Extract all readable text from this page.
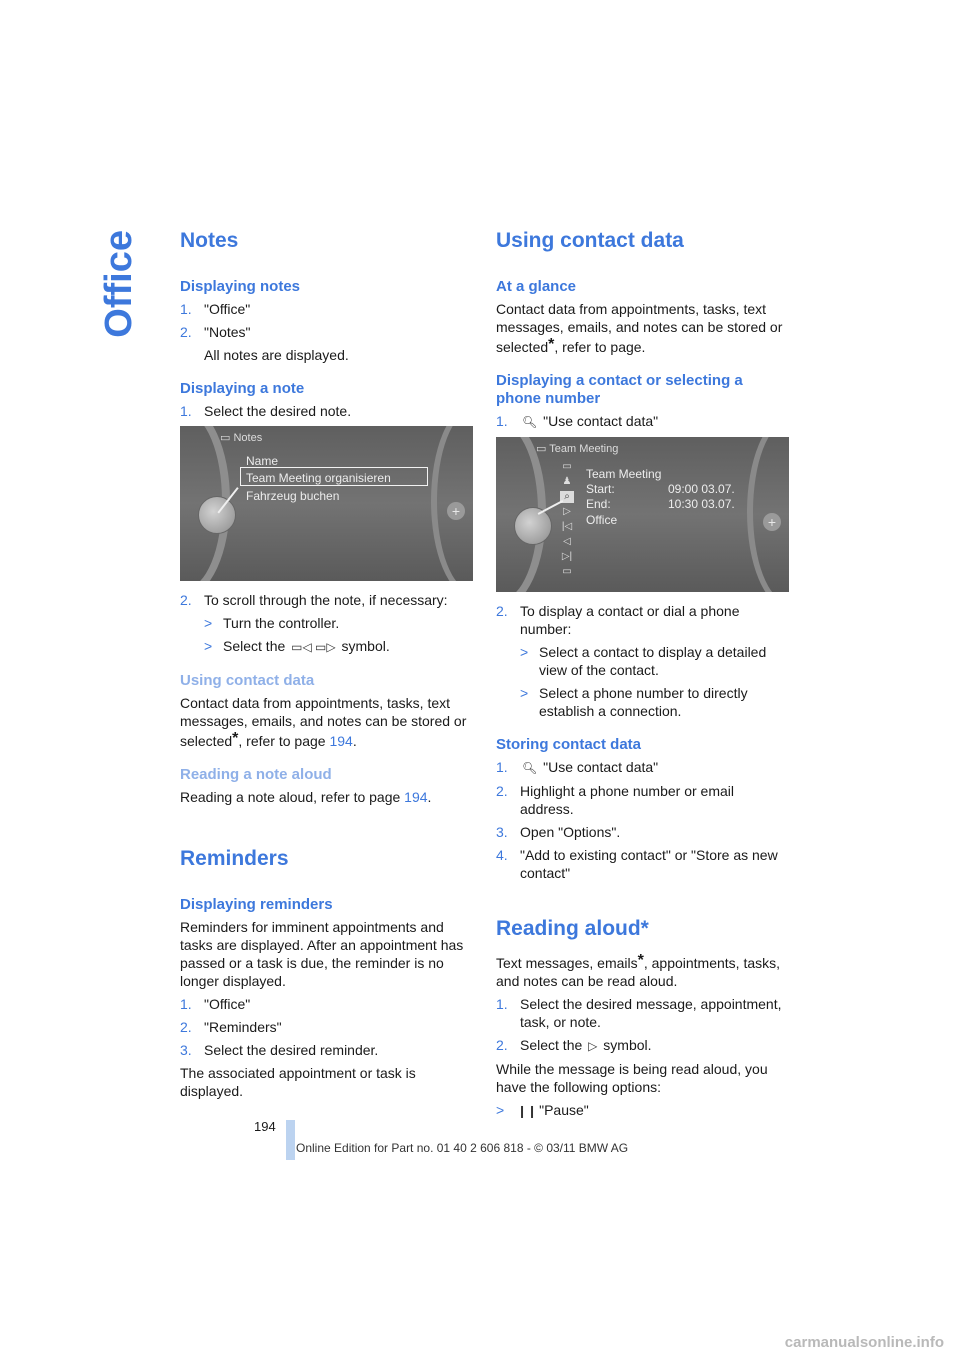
Office Notes
Displaying notes
1. "Office"
2. "Notes"

All notes are displayed.

Displaying a note
1. Select the desired note.
+
▭ Notes
Name
Team Meeting organisieren
Fahrzeug buchen
2. To scroll through the note, if necessary:
> Turn the controller.
> Select the ▭◁ ▭▷ symbol.
Using contact data

Contact data from appointments, tasks, text messages, emails, and notes can be stored or selected*, refer to page 194.

Reading a note aloud

Reading a note aloud, refer to page 194.

Reminders
Displaying reminders

Reminders for imminent appointments and tasks are displayed. After an appointment has passed or a task is due, the reminder is no longer displayed.

1. "Office"
2. "Reminders"
3. Select the desired reminder.

The associated appointment or task is displayed.

Using contact data
At a glance

Contact data from appointments, tasks, text messages, emails, and notes can be stored or selected*, refer to page.

Displaying a contact or selecting a phone number
1.	🔍︎ "Use contact data"
+
▭ Team Meeting
▭
♟
⌕
▷
|◁
◁
▷|
▭
Team Meeting
Start:	09:00 03.07.
End:	10:30 03.07.
Office
2. To display a contact or dial a phone number:
> Select a contact to display a detailed view of the contact.
> Select a phone number to directly establish a connection.
Storing contact data
1.	🔍︎ "Use contact data"
2. Highlight a phone number or email address.
3. Open "Options".
4. "Add to existing contact" or "Store as new contact"
Reading aloud*

Text messages, emails*, appointments, tasks, and notes can be read aloud.

1. Select the desired message, appointment, task, or note.
2. Select the ▷ symbol.

While the message is being read aloud, you have the following options:

>	❙❙ "Pause"
194
Online Edition for Part no. 01 40 2 606 818 - © 03/11 BMW AG
carmanualsonline.info
